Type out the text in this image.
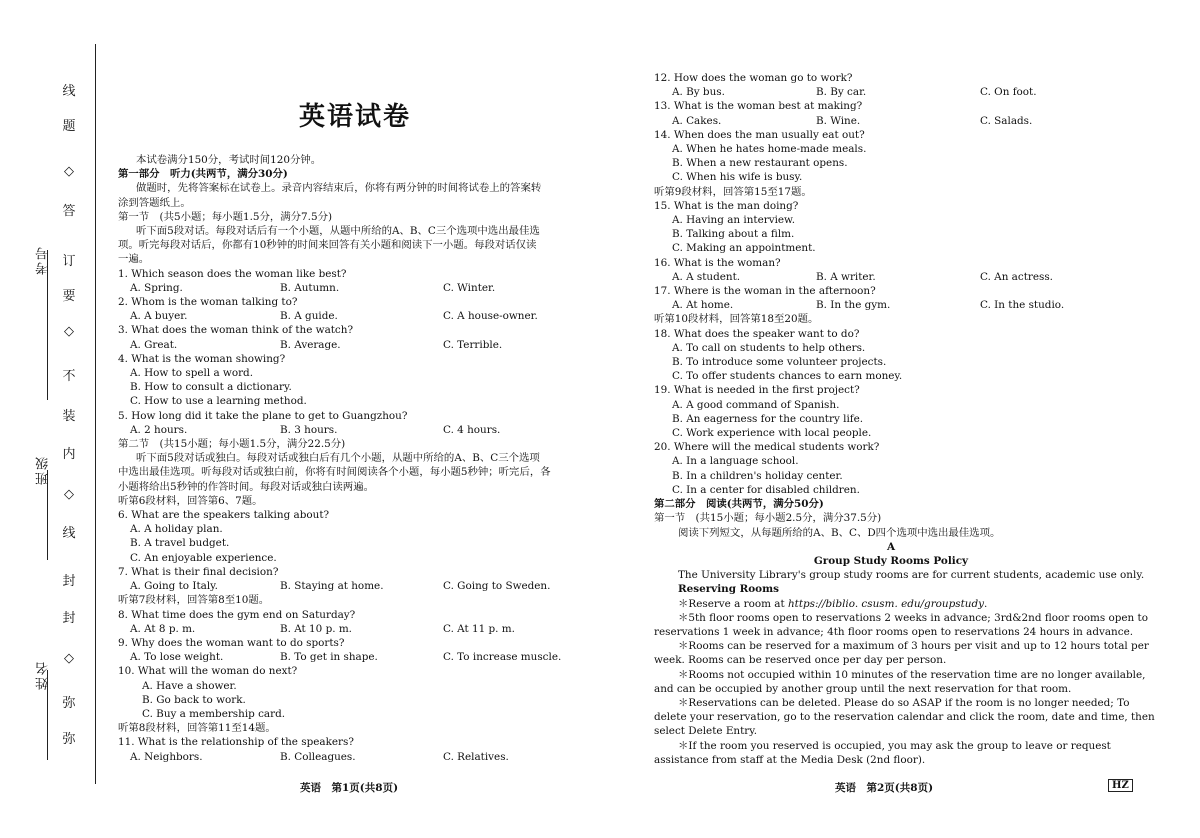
线
题
◇
答
订
要
◇
不
装
内
◇
线
封
封
◇
弥
弥
考号
班级
姓名
英语试卷
本试卷满分150分，考试时间120分钟。
第一部分　听力(共两节，满分30分)
做题时，先将答案标在试卷上。录音内容结束后，你将有两分钟的时间将试卷上的答案转
涂到答题纸上。
第一节　(共5小题；每小题1.5分，满分7.5分)
听下面5段对话。每段对话后有一个小题，从题中所给的A、B、C三个选项中选出最佳选
项。听完每段对话后，你都有10秒钟的时间来回答有关小题和阅读下一小题。每段对话仅读
一遍。
1. Which season does the woman like best?
A. Spring.	B. Autumn.	C. Winter.
2. Whom is the woman talking to?
A. A buyer.	B. A guide.	C. A house-owner.
3. What does the woman think of the watch?
A. Great.	B. Average.	C. Terrible.
4. What is the woman showing?
A. How to spell a word.
B. How to consult a dictionary.
C. How to use a learning method.
5. How long did it take the plane to get to Guangzhou?
A. 2 hours.	B. 3 hours.	C. 4 hours.
第二节　(共15小题；每小题1.5分，满分22.5分)
听下面5段对话或独白。每段对话或独白后有几个小题，从题中所给的A、B、C三个选项
中选出最佳选项。听每段对话或独白前，你将有时间阅读各个小题，每小题5秒钟；听完后，各
小题将给出5秒钟的作答时间。每段对话或独白读两遍。
听第6段材料，回答第6、7题。
6. What are the speakers talking about?
A. A holiday plan.
B. A travel budget.
C. An enjoyable experience.
7. What is their final decision?
A. Going to Italy.	B. Staying at home.	C. Going to Sweden.
听第7段材料，回答第8至10题。
8. What time does the gym end on Saturday?
A. At 8 p. m.	B. At 10 p. m.	C. At 11 p. m.
9. Why does the woman want to do sports?
A. To lose weight.	B. To get in shape.	C. To increase muscle.
10. What will the woman do next?
A. Have a shower.
B. Go back to work.
C. Buy a membership card.
听第8段材料，回答第11至14题。
11. What is the relationship of the speakers?
A. Neighbors.	B. Colleagues.	C. Relatives.
英语　第1页(共8页)
12. How does the woman go to work?
A. By bus.	B. By car.	C. On foot.
13. What is the woman best at making?
A. Cakes.	B. Wine.	C. Salads.
14. When does the man usually eat out?
A. When he hates home-made meals.
B. When a new restaurant opens.
C. When his wife is busy.
听第9段材料，回答第15至17题。
15. What is the man doing?
A. Having an interview.
B. Talking about a film.
C. Making an appointment.
16. What is the woman?
A. A student.	B. A writer.	C. An actress.
17. Where is the woman in the afternoon?
A. At home.	B. In the gym.	C. In the studio.
听第10段材料，回答第18至20题。
18. What does the speaker want to do?
A. To call on students to help others.
B. To introduce some volunteer projects.
C. To offer students chances to earn money.
19. What is needed in the first project?
A. A good command of Spanish.
B. An eagerness for the country life.
C. Work experience with local people.
20. Where will the medical students work?
A. In a language school.
B. In a children's holiday center.
C. In a center for disabled children.
第二部分　阅读(共两节，满分50分)
第一节　(共15小题；每小题2.5分，满分37.5分)
阅读下列短文，从每题所给的A、B、C、D四个选项中选出最佳选项。
A
Group Study Rooms Policy
The University Library's group study rooms are for current students, academic use only.
Reserving Rooms
＊Reserve a room at https://biblio. csusm. edu/groupstudy.
＊5th floor rooms open to reservations 2 weeks in advance; 3rd&2nd floor rooms open to
reservations 1 week in advance; 4th floor rooms open to reservations 24 hours in advance.
＊Rooms can be reserved for a maximum of 3 hours per visit and up to 12 hours total per
week. Rooms can be reserved once per day per person.
＊Rooms not occupied within 10 minutes of the reservation time are no longer available,
and can be occupied by another group until the next reservation for that room.
＊Reservations can be deleted. Please do so ASAP if the room is no longer needed; To
delete your reservation, go to the reservation calendar and click the room, date and time, then
select Delete Entry.
＊If the room you reserved is occupied, you may ask the group to leave or request
assistance from staff at the Media Desk (2nd floor).
英语　第2页(共8页)	HZ
